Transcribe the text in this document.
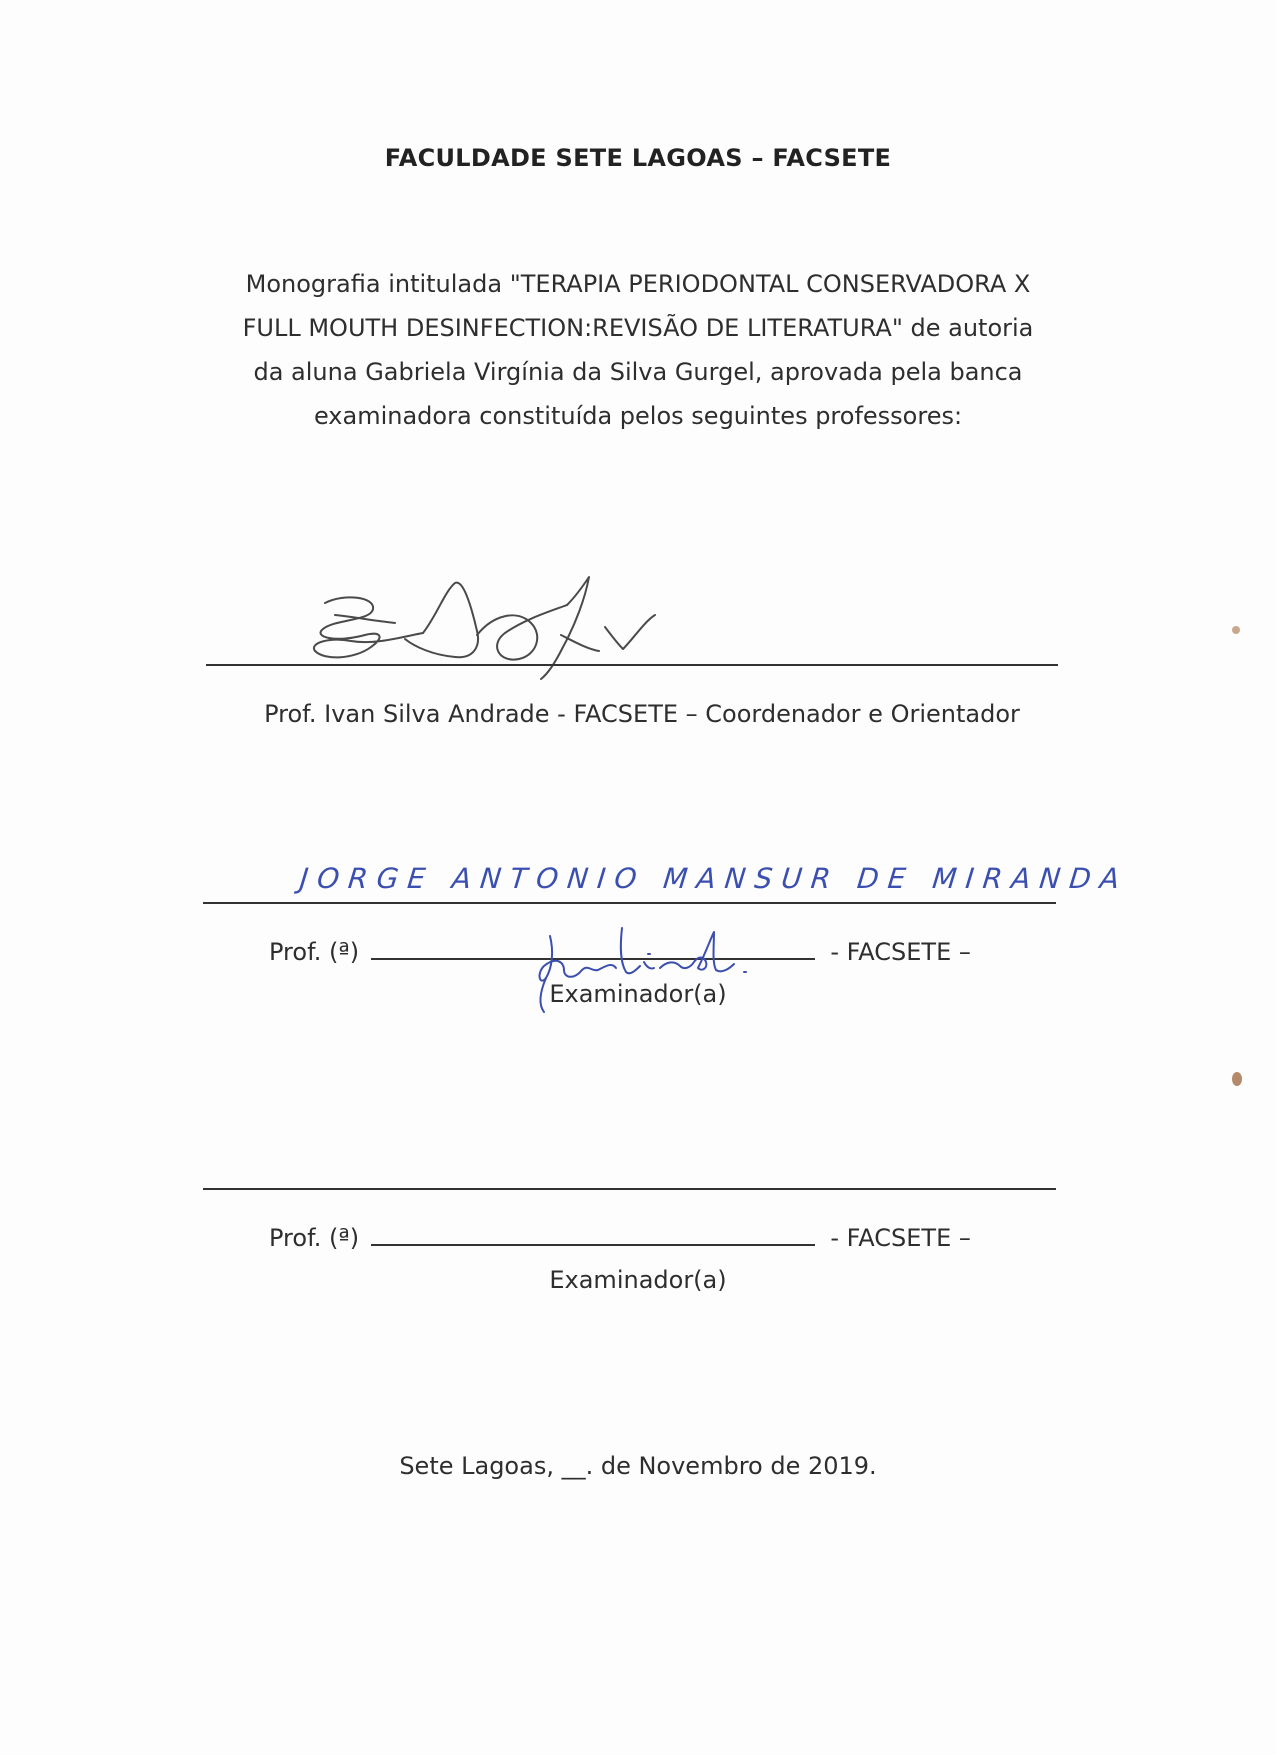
FACULDADE SETE LAGOAS – FACSETE
Monografia intitulada "TERAPIA PERIODONTAL CONSERVADORA X
FULL MOUTH DESINFECTION:REVISÃO DE LITERATURA" de autoria
da aluna Gabriela Virgínia da Silva Gurgel, aprovada pela banca
examinadora constituída pelos seguintes professores:
Prof. Ivan Silva Andrade - FACSETE – Coordenador e Orientador
JORGE ANTONIO MANSUR DE MIRANDA
Prof. (ª)	- FACSETE –
Examinador(a)
Prof. (ª)	- FACSETE –
Examinador(a)
Sete Lagoas, __. de Novembro de 2019.
